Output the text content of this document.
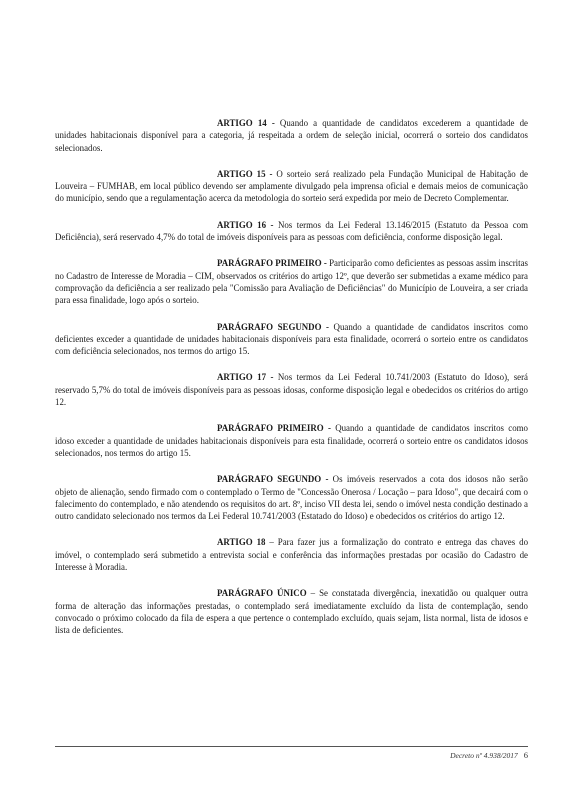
ARTIGO 14 - Quando a quantidade de candidatos excederem a quantidade de unidades habitacionais disponível para a categoria, já respeitada a ordem de seleção inicial, ocorrerá o sorteio dos candidatos selecionados.

ARTIGO 15 - O sorteio será realizado pela Fundação Municipal de Habitação de Louveira – FUMHAB, em local público devendo ser amplamente divulgado pela imprensa oficial e demais meios de comunicação do município, sendo que a regulamentação acerca da metodologia do sorteio será expedida por meio de Decreto Complementar.

ARTIGO 16 - Nos termos da Lei Federal 13.146/2015 (Estatuto da Pessoa com Deficiência), será reservado 4,7% do total de imóveis disponíveis para as pessoas com deficiência, conforme disposição legal.

PARÁGRAFO PRIMEIRO - Participarão como deficientes as pessoas assim inscritas no Cadastro de Interesse de Moradia – CIM, observados os critérios do artigo 12º, que deverão ser submetidas a exame médico para comprovação da deficiência a ser realizado pela "Comissão para Avaliação de Deficiências" do Município de Louveira, a ser criada para essa finalidade, logo após o sorteio.

PARÁGRAFO SEGUNDO - Quando a quantidade de candidatos inscritos como deficientes exceder a quantidade de unidades habitacionais disponíveis para esta finalidade, ocorrerá o sorteio entre os candidatos com deficiência selecionados, nos termos do artigo 15.

ARTIGO 17 - Nos termos da Lei Federal 10.741/2003 (Estatuto do Idoso), será reservado 5,7% do total de imóveis disponíveis para as pessoas idosas, conforme disposição legal e obedecidos os critérios do artigo 12.

PARÁGRAFO PRIMEIRO - Quando a quantidade de candidatos inscritos como idoso exceder a quantidade de unidades habitacionais disponíveis para esta finalidade, ocorrerá o sorteio entre os candidatos idosos selecionados, nos termos do artigo 15.

PARÁGRAFO SEGUNDO - Os imóveis reservados a cota dos idosos não serão objeto de alienação, sendo firmado com o contemplado o Termo de "Concessão Onerosa / Locação – para Idoso", que decairá com o falecimento do contemplado, e não atendendo os requisitos do art. 8º, inciso VII desta lei, sendo o imóvel nesta condição destinado a outro candidato selecionado nos termos da Lei Federal 10.741/2003 (Estatado do Idoso) e obedecidos os critérios do artigo 12.

ARTIGO 18 – Para fazer jus a formalização do contrato e entrega das chaves do imóvel, o contemplado será submetido a entrevista social e conferência das informações prestadas por ocasião do Cadastro de Interesse à Moradia.

PARÁGRAFO ÚNICO – Se constatada divergência, inexatidão ou qualquer outra forma de alteração das informações prestadas, o contemplado será imediatamente excluído da lista de contemplação, sendo convocado o próximo colocado da fila de espera a que pertence o contemplado excluído, quais sejam, lista normal, lista de idosos e lista de deficientes.

Decreto nº 4.938/2017 6
